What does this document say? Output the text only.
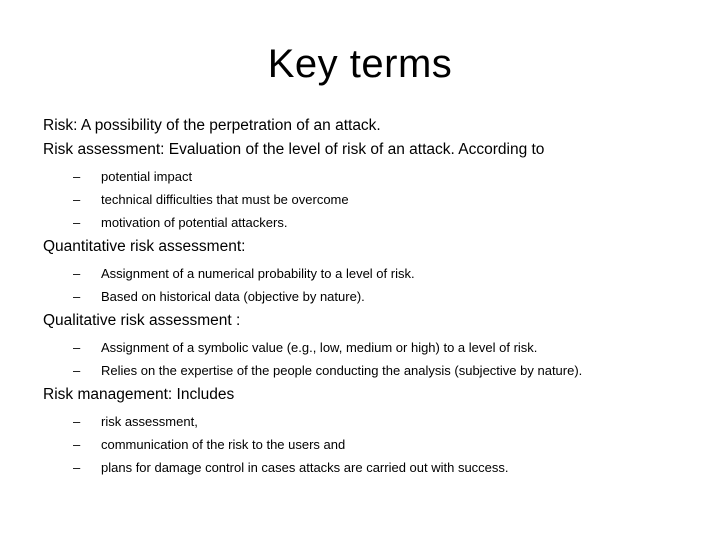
Key terms
Risk: A possibility of the perpetration of an attack.
Risk assessment: Evaluation of the level of risk of an attack. According to
– potential impact
– technical difficulties that must be overcome
– motivation of potential attackers.
Quantitative risk assessment:
– Assignment of a numerical probability to a level of risk.
– Based on historical data (objective by nature).
Qualitative risk assessment :
– Assignment of a symbolic value (e.g., low, medium or high) to a level of risk.
– Relies on the expertise of the people conducting the analysis (subjective by nature).
Risk management: Includes
– risk assessment,
– communication of the risk to the users and
– plans for damage control in cases attacks are carried out with success.
